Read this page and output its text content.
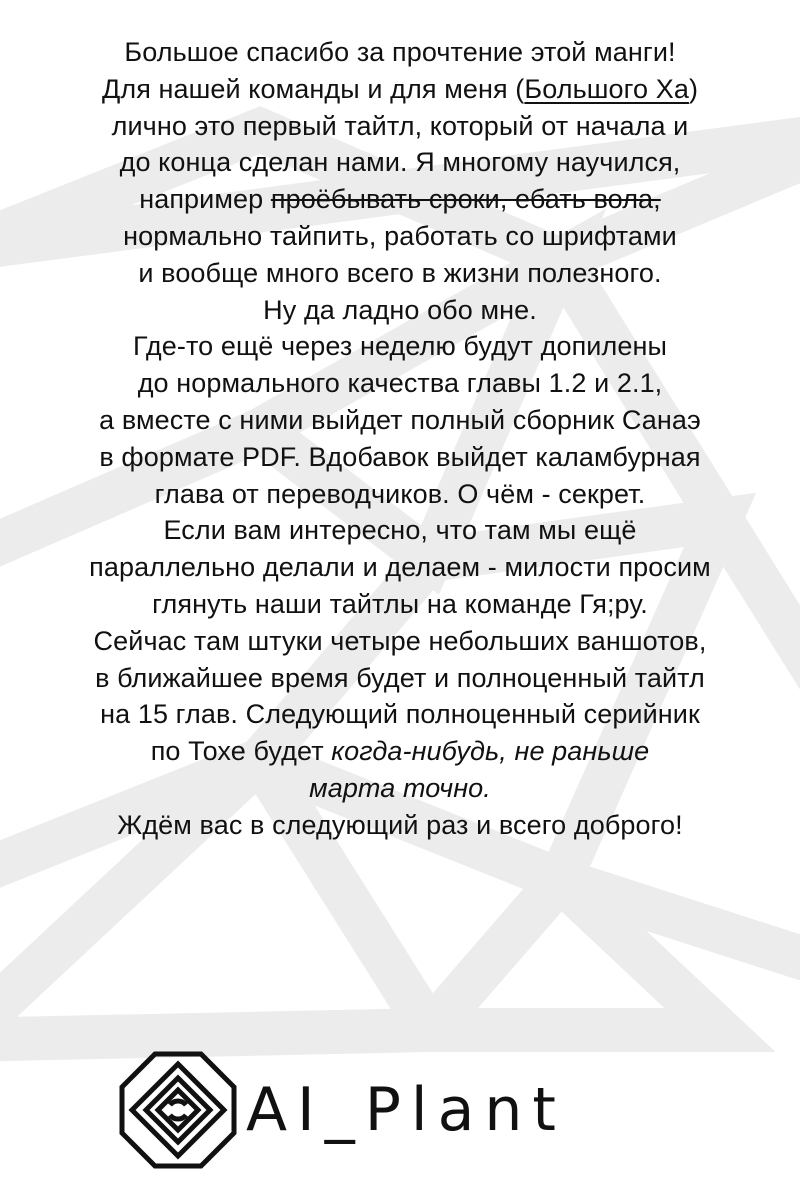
Большое спасибо за прочтение этой манги!
Для нашей команды и для меня (Большого Ха)
лично это первый тайтл, который от начала и
до конца сделан нами. Я многому научился,
например проёбывать сроки, ебать вола,
нормально тайпить, работать со шрифтами
и вообще много всего в жизни полезного.
Ну да ладно обо мне.
Где-то ещё через неделю будут допилены
до нормального качества главы 1.2 и 2.1,
а вместе с ними выйдет полный сборник Санаэ
в формате PDF. Вдобавок выйдет каламбурная
глава от переводчиков. О чём - секрет.
Если вам интересно, что там мы ещё
параллельно делали и делаем - милости просим
глянуть наши тайтлы на команде Гя;ру.
Сейчас там штуки четыре небольших ваншотов,
в ближайшее время будет и полноценный тайтл
на 15 глав. Следующий полноценный серийник
по Тохе будет когда-нибудь, не раньше
марта точно.
Ждём вас в следующий раз и всего доброго!

AI_Plant
